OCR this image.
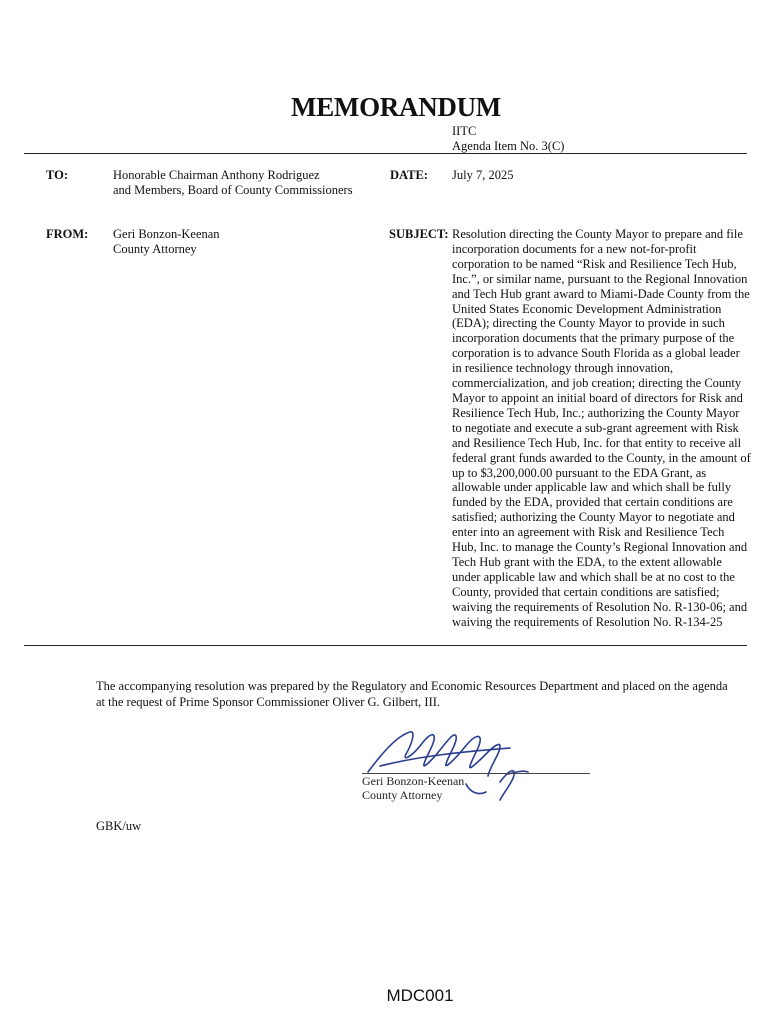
MEMORANDUM
IITC
Agenda Item No. 3(C)
TO:	Honorable Chairman Anthony Rodriguez
and Members, Board of County Commissioners
DATE: July 7, 2025
FROM: Geri Bonzon-Keenan
County Attorney
SUBJECT: Resolution directing the County Mayor to prepare and file incorporation documents for a new not-for-profit corporation to be named “Risk and Resilience Tech Hub, Inc.”, or similar name, pursuant to the Regional Innovation and Tech Hub grant award to Miami-Dade County from the United States Economic Development Administration (EDA); directing the County Mayor to provide in such incorporation documents that the primary purpose of the corporation is to advance South Florida as a global leader in resilience technology through innovation, commercialization, and job creation; directing the County Mayor to appoint an initial board of directors for Risk and Resilience Tech Hub, Inc.; authorizing the County Mayor to negotiate and execute a sub-grant agreement with Risk and Resilience Tech Hub, Inc. for that entity to receive all federal grant funds awarded to the County, in the amount of up to $3,200,000.00 pursuant to the EDA Grant, as allowable under applicable law and which shall be fully funded by the EDA, provided that certain conditions are satisfied; authorizing the County Mayor to negotiate and enter into an agreement with Risk and Resilience Tech Hub, Inc. to manage the County’s Regional Innovation and Tech Hub grant with the EDA, to the extent allowable under applicable law and which shall be at no cost to the County, provided that certain conditions are satisfied; waiving the requirements of Resolution No. R-130-06; and waiving the requirements of Resolution No. R-134-25
The accompanying resolution was prepared by the Regulatory and Economic Resources Department and placed on the agenda at the request of Prime Sponsor Commissioner Oliver G. Gilbert, III.
Geri Bonzon-Keenan
County Attorney
GBK/uw
MDC001
